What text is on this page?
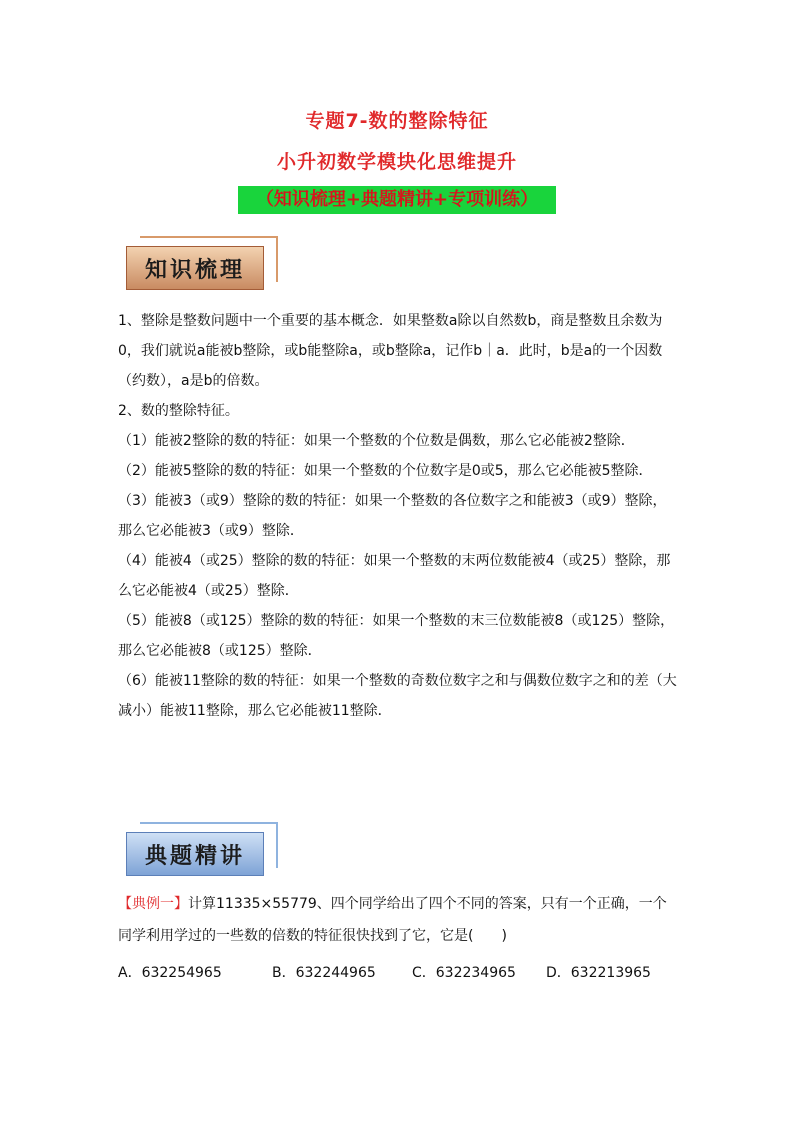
专题7-数的整除特征
小升初数学模块化思维提升
（知识梳理+典题精讲+专项训练）
知识梳理

1、整除是整数问题中一个重要的基本概念．如果整数a除以自然数b，商是整数且余数为0，我们就说a能被b整除，或b能整除a，或b整除a，记作b｜a．此时，b是a的一个因数（约数），a是b的倍数。

2、数的整除特征。

（1）能被2整除的数的特征：如果一个整数的个位数是偶数，那么它必能被2整除．

（2）能被5整除的数的特征：如果一个整数的个位数字是0或5，那么它必能被5整除．

（3）能被3（或9）整除的数的特征：如果一个整数的各位数字之和能被3（或9）整除，那么它必能被3（或9）整除．

（4）能被4（或25）整除的数的特征：如果一个整数的末两位数能被4（或25）整除，那么它必能被4（或25）整除．

（5）能被8（或125）整除的数的特征：如果一个整数的末三位数能被8（或125）整除，那么它必能被8（或125）整除．

（6）能被11整除的数的特征：如果一个整数的奇数位数字之和与偶数位数字之和的差（大减小）能被11整除，那么它必能被11整除．

典题精讲
【典例一】计算11335×55779、四个同学给出了四个不同的答案，只有一个正确，一个同学利用学过的一些数的倍数的特征很快找到了它，它是(　　)
A．632254965	B．632244965	C．632234965	D．632213965
